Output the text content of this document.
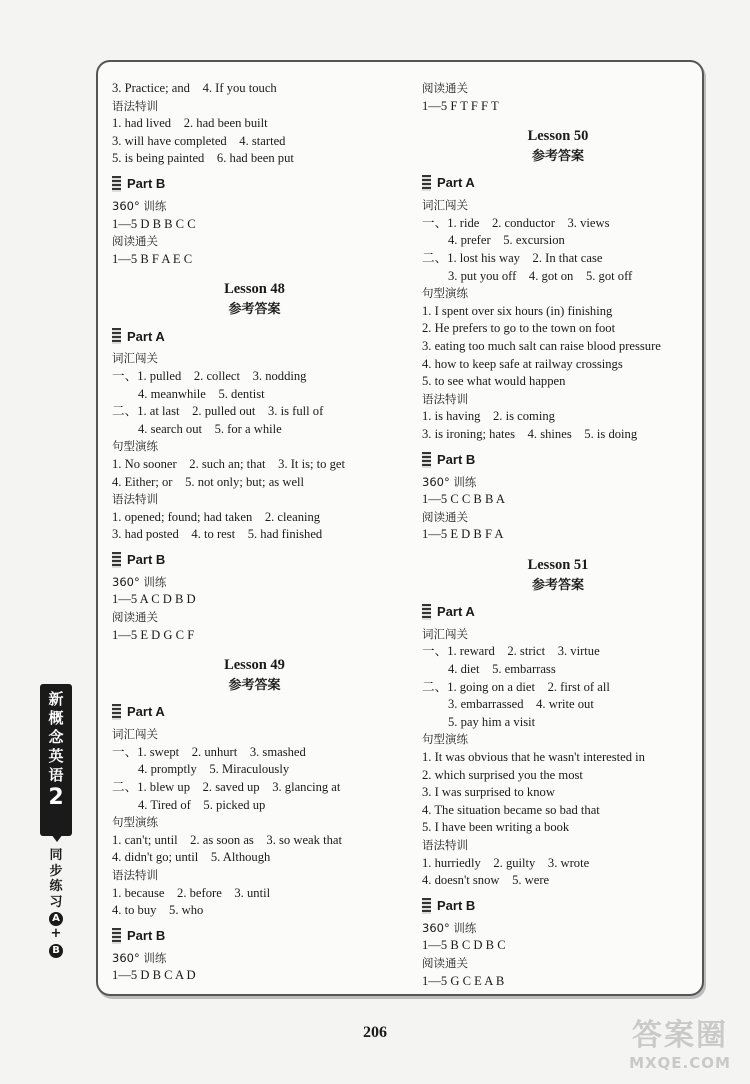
3. Practice; and　4. If you touch
语法特训
1. had lived　2. had been built
3. will have completed　4. started
5. is being painted　6. had been put
Part B
360° 训练
1—5 D B B C C
阅读通关
1—5 B F A E C
Lesson 48
参考答案
Part A
词汇闯关
一、1. pulled　2. collect　3. nodding
4. meanwhile　5. dentist
二、1. at last　2. pulled out　3. is full of
4. search out　5. for a while
句型演练
1. No sooner　2. such an; that　3. It is; to get
4. Either; or　5. not only; but; as well
语法特训
1. opened; found; had taken　2. cleaning
3. had posted　4. to rest　5. had finished
Part B
360° 训练
1—5 A C D B D
阅读通关
1—5 E D G C F
Lesson 49
参考答案
Part A
词汇闯关
一、1. swept　2. unhurt　3. smashed
4. promptly　5. Miraculously
二、1. blew up　2. saved up　3. glancing at
4. Tired of　5. picked up
句型演练
1. can't; until　2. as soon as　3. so weak that
4. didn't go; until　5. Although
语法特训
1. because　2. before　3. until
4. to buy　5. who
Part B
360° 训练
1—5 D B C A D
阅读通关
1—5 F T F F T
Lesson 50
参考答案
Part A
词汇闯关
一、1. ride　2. conductor　3. views
4. prefer　5. excursion
二、1. lost his way　2. In that case
3. put you off　4. got on　5. got off
句型演练
1. I spent over six hours (in) finishing
2. He prefers to go to the town on foot
3. eating too much salt can raise blood pressure
4. how to keep safe at railway crossings
5. to see what would happen
语法特训
1. is having　2. is coming
3. is ironing; hates　4. shines　5. is doing
Part B
360° 训练
1—5 C C B B A
阅读通关
1—5 E D B F A
Lesson 51
参考答案
Part A
词汇闯关
一、1. reward　2. strict　3. virtue
4. diet　5. embarrass
二、1. going on a diet　2. first of all
3. embarrassed　4. write out
5. pay him a visit
句型演练
1. It was obvious that he wasn't interested in
2. which surprised you the most
3. I was surprised to know
4. The situation became so bad that
5. I have been writing a book
语法特训
1. hurriedly　2. guilty　3. wrote
4. doesn't snow　5. were
Part B
360° 训练
1—5 B C D B C
阅读通关
1—5 G C E A B
新
概
念
英
语
2
同
步
练
习
A
+
B
206	答案圈
MXQE.COM
